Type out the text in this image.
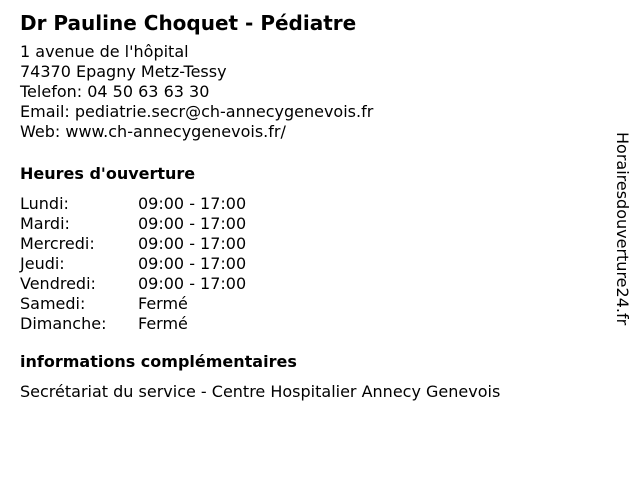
Dr Pauline Choquet - Pédiatre
1 avenue de l'hôpital
74370 Epagny Metz-Tessy
Telefon: 04 50 63 63 30
Email: pediatrie.secr@ch-annecygenevois.fr
Web: www.ch-annecygenevois.fr/
Heures d'ouverture
Lundi:	09:00 - 17:00
Mardi:	09:00 - 17:00
Mercredi:	09:00 - 17:00
Jeudi:	09:00 - 17:00
Vendredi:	09:00 - 17:00
Samedi:	Fermé
Dimanche:	Fermé
informations complémentaires
Secrétariat du service - Centre Hospitalier Annecy Genevois
Horairesdouverture24.fr
